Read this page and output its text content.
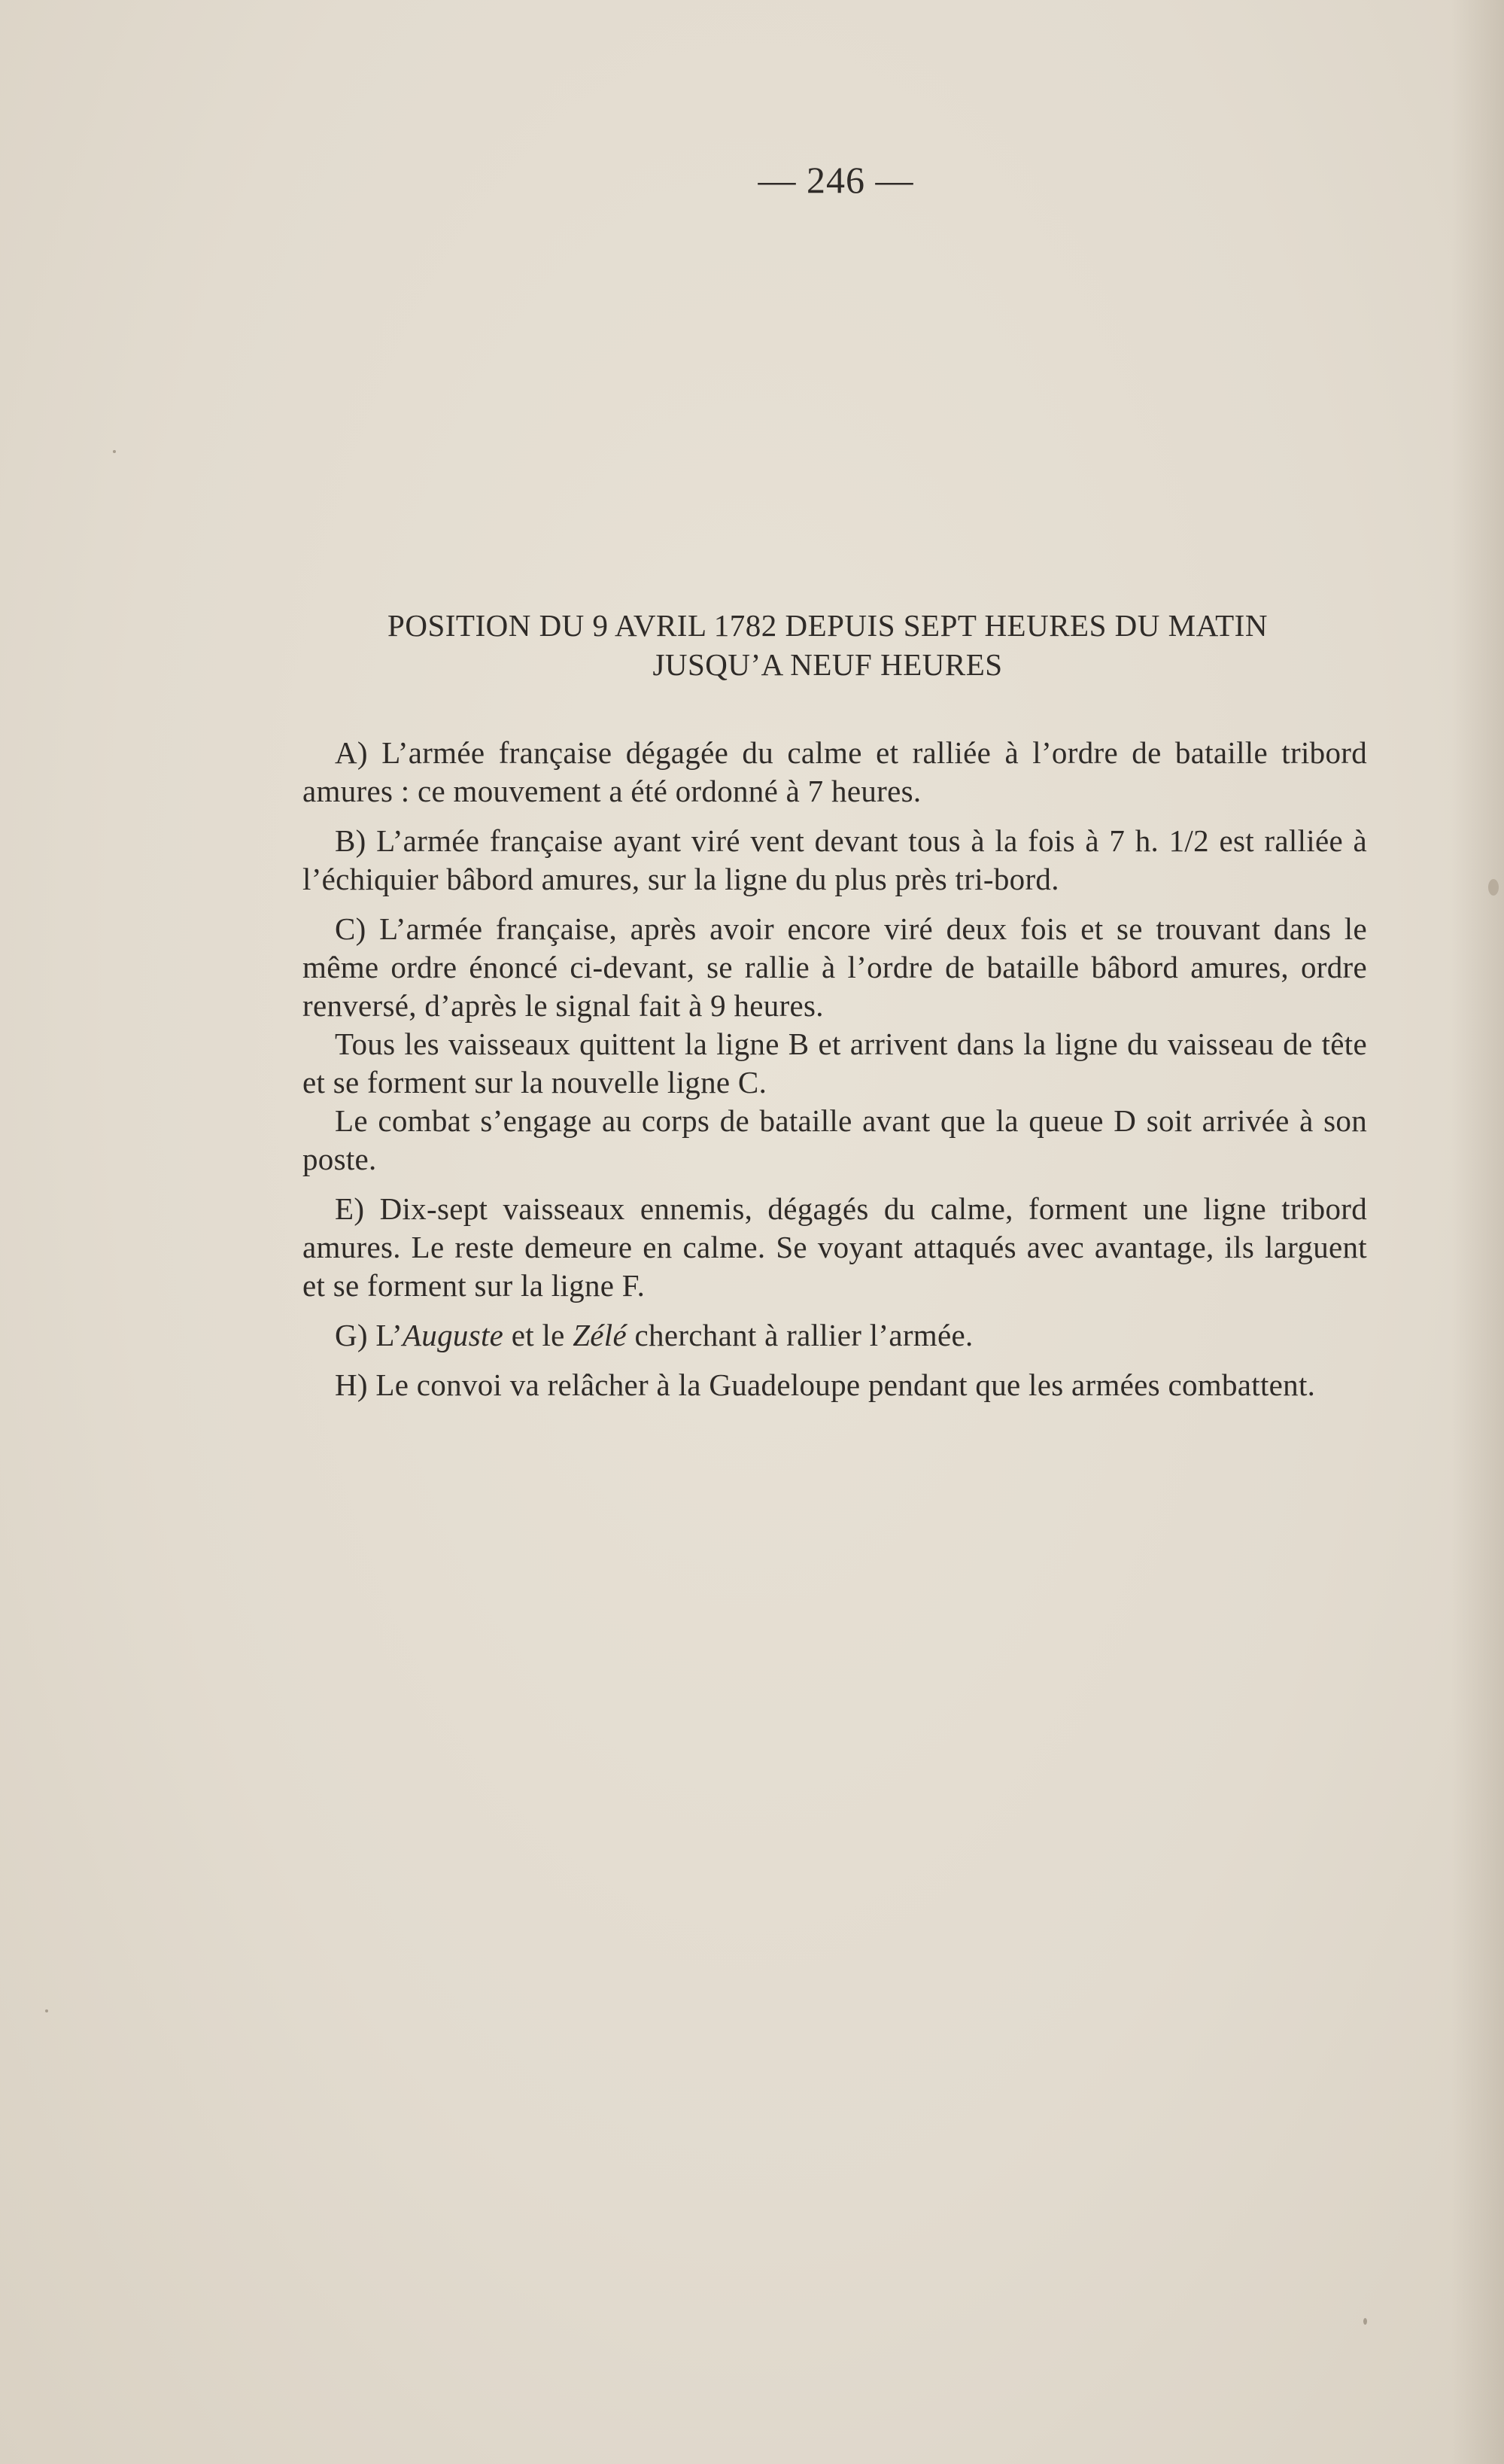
— 246 —
POSITION DU 9 AVRIL 1782 DEPUIS SEPT HEURES DU MATIN
JUSQU’A NEUF HEURES

A) L’armée française dégagée du calme et ralliée à l’ordre de bataille tribord amures : ce mouvement a été ordonné à 7 heures.

B) L’armée française ayant viré vent devant tous à la fois à 7 h. 1/2 est ralliée à l’échiquier bâbord amures, sur la ligne du plus près tri-bord.

C) L’armée française, après avoir encore viré deux fois et se trouvant dans le même ordre énoncé ci-devant, se rallie à l’ordre de bataille bâbord amures, ordre renversé, d’après le signal fait à 9 heures.

Tous les vaisseaux quittent la ligne B et arrivent dans la ligne du vaisseau de tête et se forment sur la nouvelle ligne C.

Le combat s’engage au corps de bataille avant que la queue D soit arrivée à son poste.

E) Dix-sept vaisseaux ennemis, dégagés du calme, forment une ligne tribord amures. Le reste demeure en calme. Se voyant attaqués avec avantage, ils larguent et se forment sur la ligne F.

G) L’Auguste et le Zélé cherchant à rallier l’armée.

H) Le convoi va relâcher à la Guadeloupe pendant que les armées combattent.
